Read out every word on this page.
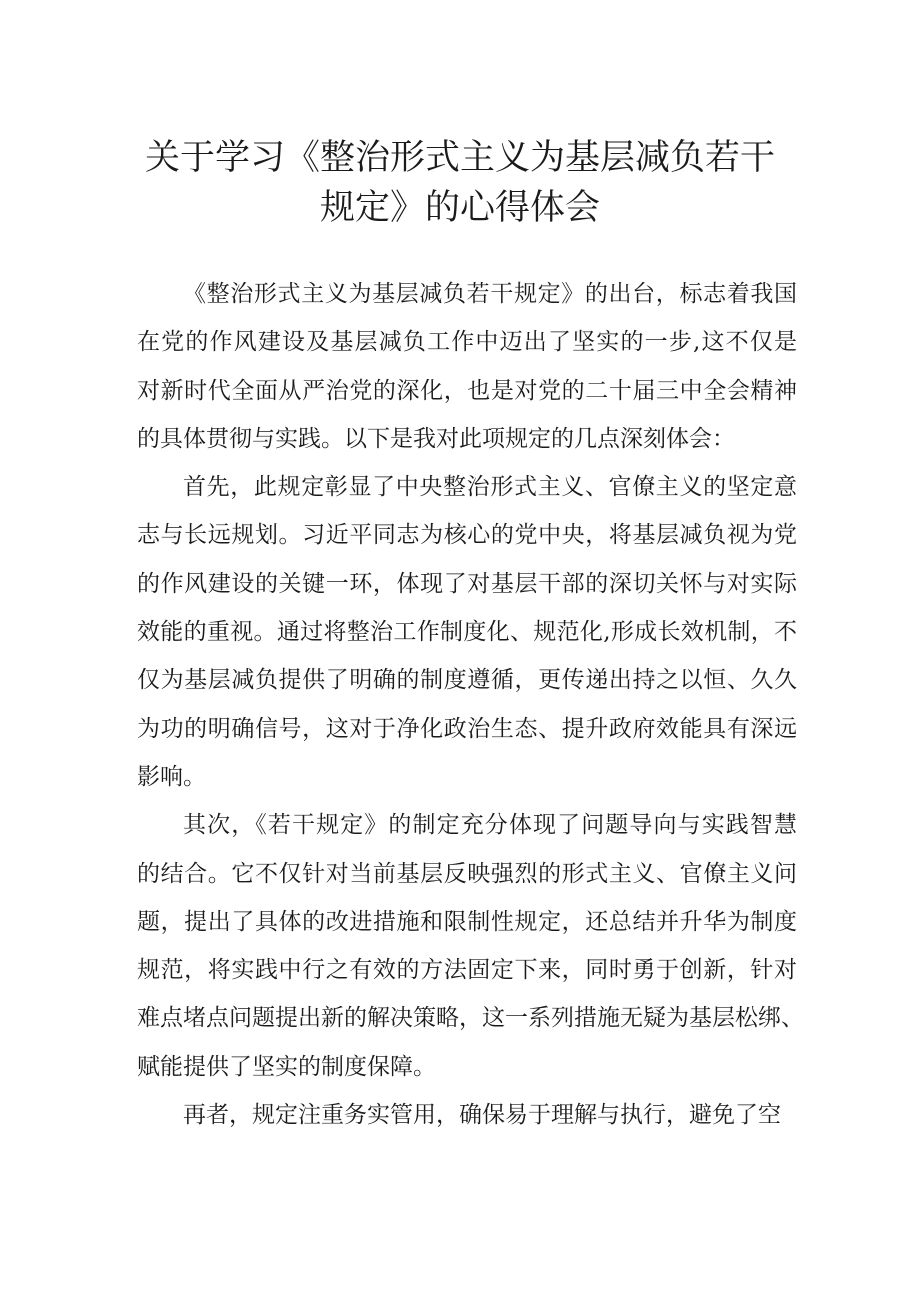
关于学习《整治形式主义为基层减负若干
规定》的心得体会
《整治形式主义为基层减负若干规定》的出台，标志着我国
在党的作风建设及基层减负工作中迈出了坚实的一步,这不仅是
对新时代全面从严治党的深化，也是对党的二十届三中全会精神
的具体贯彻与实践。以下是我对此项规定的几点深刻体会：
首先，此规定彰显了中央整治形式主义、官僚主义的坚定意
志与长远规划。习近平同志为核心的党中央，将基层减负视为党
的作风建设的关键一环，体现了对基层干部的深切关怀与对实际
效能的重视。通过将整治工作制度化、规范化,形成长效机制，不
仅为基层减负提供了明确的制度遵循，更传递出持之以恒、久久
为功的明确信号，这对于净化政治生态、提升政府效能具有深远
影响。
其次，《若干规定》的制定充分体现了问题导向与实践智慧
的结合。它不仅针对当前基层反映强烈的形式主义、官僚主义问
题，提出了具体的改进措施和限制性规定，还总结并升华为制度
规范，将实践中行之有效的方法固定下来，同时勇于创新，针对
难点堵点问题提出新的解决策略，这一系列措施无疑为基层松绑、
赋能提供了坚实的制度保障。
再者，规定注重务实管用，确保易于理解与执行，避免了空
